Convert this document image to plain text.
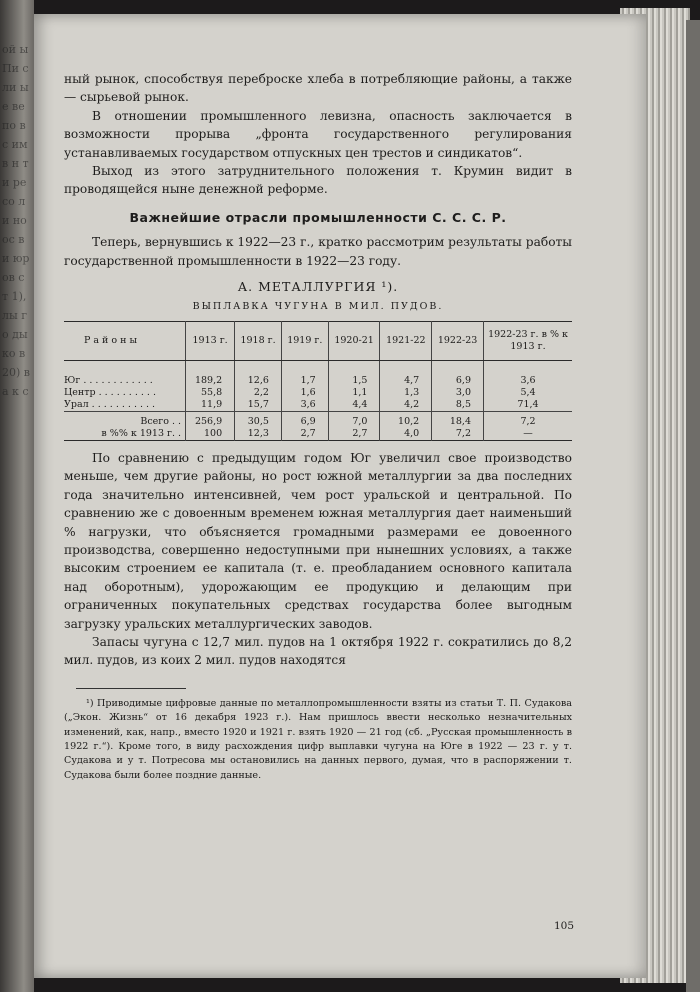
ой ы Пи сли ые ве по в с им в н ти ре со ли но ос в и юр ов ст 1), лы го ды ко в 20) ва к с

ный рынок, способствуя переброске хлеба в потребляющие районы, а также — сырьевой рынок.

В отношении промышленного левизна, опасность заключается в возможности прорыва „фронта государственного регулирования устанавливаемых государством отпускных цен трестов и синдикатов“.

Выход из этого затруднительного положения т. Крумин видит в проводящейся ныне денежной реформе.

Важнейшие отрасли промышленности С. С. С. Р.

Теперь, вернувшись к 1922—23 г., кратко рассмотрим результаты работы государственной промышленности в 1922—23 году.

А. МЕТАЛЛУРГИЯ ¹).
ВЫПЛАВКА ЧУГУНА В МИЛ. ПУДОВ.
Районы	1913 г.	1918 г.	1919 г.	1920-21	1921-22	1922-23	1922-23 г. в % к 1913 г.

Юг . . . . . . . . . . . .	189,2	12,6	1,7	1,5	4,7	6,9	3,6
Центр . . . . . . . . . .	55,8	2,2	1,6	1,1	1,3	3,0	5,4
Урал . . . . . . . . . . .	11,9	15,7	3,6	4,4	4,2	8,5	71,4
Всего . .	256,9	30,5	6,9	7,0	10,2	18,4	7,2
в %% к 1913 г. .	100	12,3	2,7	2,7	4,0	7,2	—

По сравнению с предыдущим годом Юг увеличил свое производство меньше, чем другие районы, но рост южной металлургии за два последних года значительно интенсивней, чем рост уральской и центральной. По сравнению же с довоенным временем южная металлургия дает наименьший % нагрузки, что объясняется громадными размерами ее довоенного производства, совершенно недоступными при нынешних условиях, а также высоким строением ее капитала (т. е. преобладанием основного капитала над оборотным), удорожающим ее продукцию и делающим при ограниченных покупательных средствах государства более выгодным загрузку уральских металлургических заводов.

Запасы чугуна с 12,7 мил. пудов на 1 октября 1922 г. сократились до 8,2 мил. пудов, из коих 2 мил. пудов находятся

¹) Приводимые цифровые данные по металлопромышленности взяты из статьи Т. П. Судакова („Экон. Жизнь“ от 16 декабря 1923 г.). Нам пришлось ввести несколько незначительных изменений, как, напр., вместо 1920 и 1921 г. взять 1920 — 21 год (сб. „Русская промышленность в 1922 г.“). Кроме того, в виду расхождения цифр выплавки чугуна на Юге в 1922 — 23 г. у т. Судакова и у т. Потресова мы остановились на данных первого, думая, что в распоряжении т. Судакова были более поздние данные.

105
